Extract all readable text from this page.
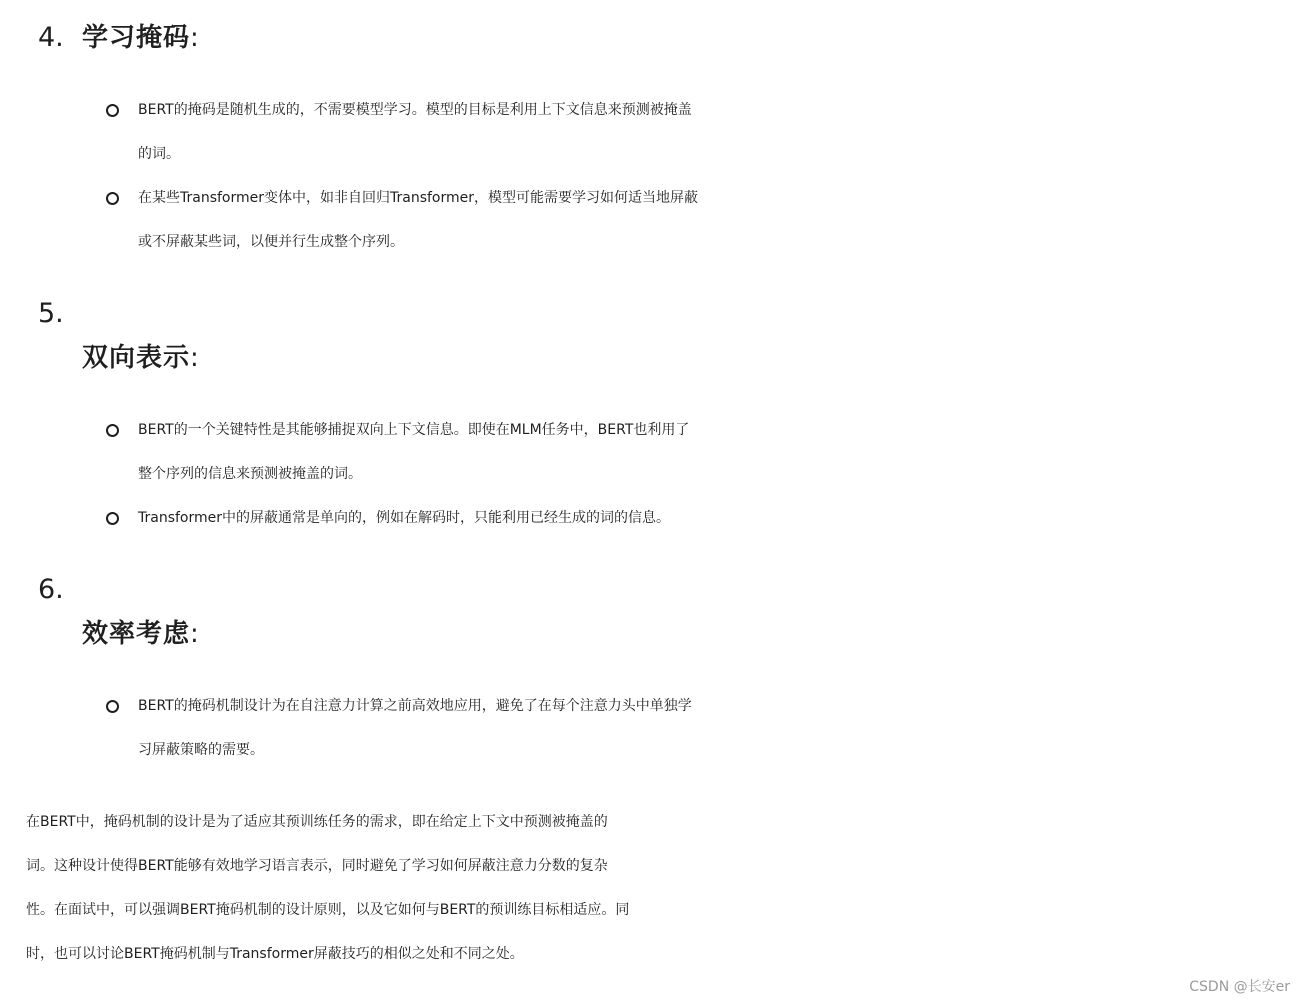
4. 学习掩码:
BERT的掩码是随机生成的，不需要模型学习。模型的目标是利用上下文信息来预测被掩盖
的词。
在某些Transformer变体中，如非自回归Transformer，模型可能需要学习如何适当地屏蔽
或不屏蔽某些词，以便并行生成整个序列。
5.
双向表示:
BERT的一个关键特性是其能够捕捉双向上下文信息。即使在MLM任务中，BERT也利用了
整个序列的信息来预测被掩盖的词。
Transformer中的屏蔽通常是单向的，例如在解码时，只能利用已经生成的词的信息。
6.
效率考虑:
BERT的掩码机制设计为在自注意力计算之前高效地应用，避免了在每个注意力头中单独学
习屏蔽策略的需要。
在BERT中，掩码机制的设计是为了适应其预训练任务的需求，即在给定上下文中预测被掩盖的
词。这种设计使得BERT能够有效地学习语言表示，同时避免了学习如何屏蔽注意力分数的复杂
性。在面试中，可以强调BERT掩码机制的设计原则，以及它如何与BERT的预训练目标相适应。同
时，也可以讨论BERT掩码机制与Transformer屏蔽技巧的相似之处和不同之处。
CSDN @长安er
